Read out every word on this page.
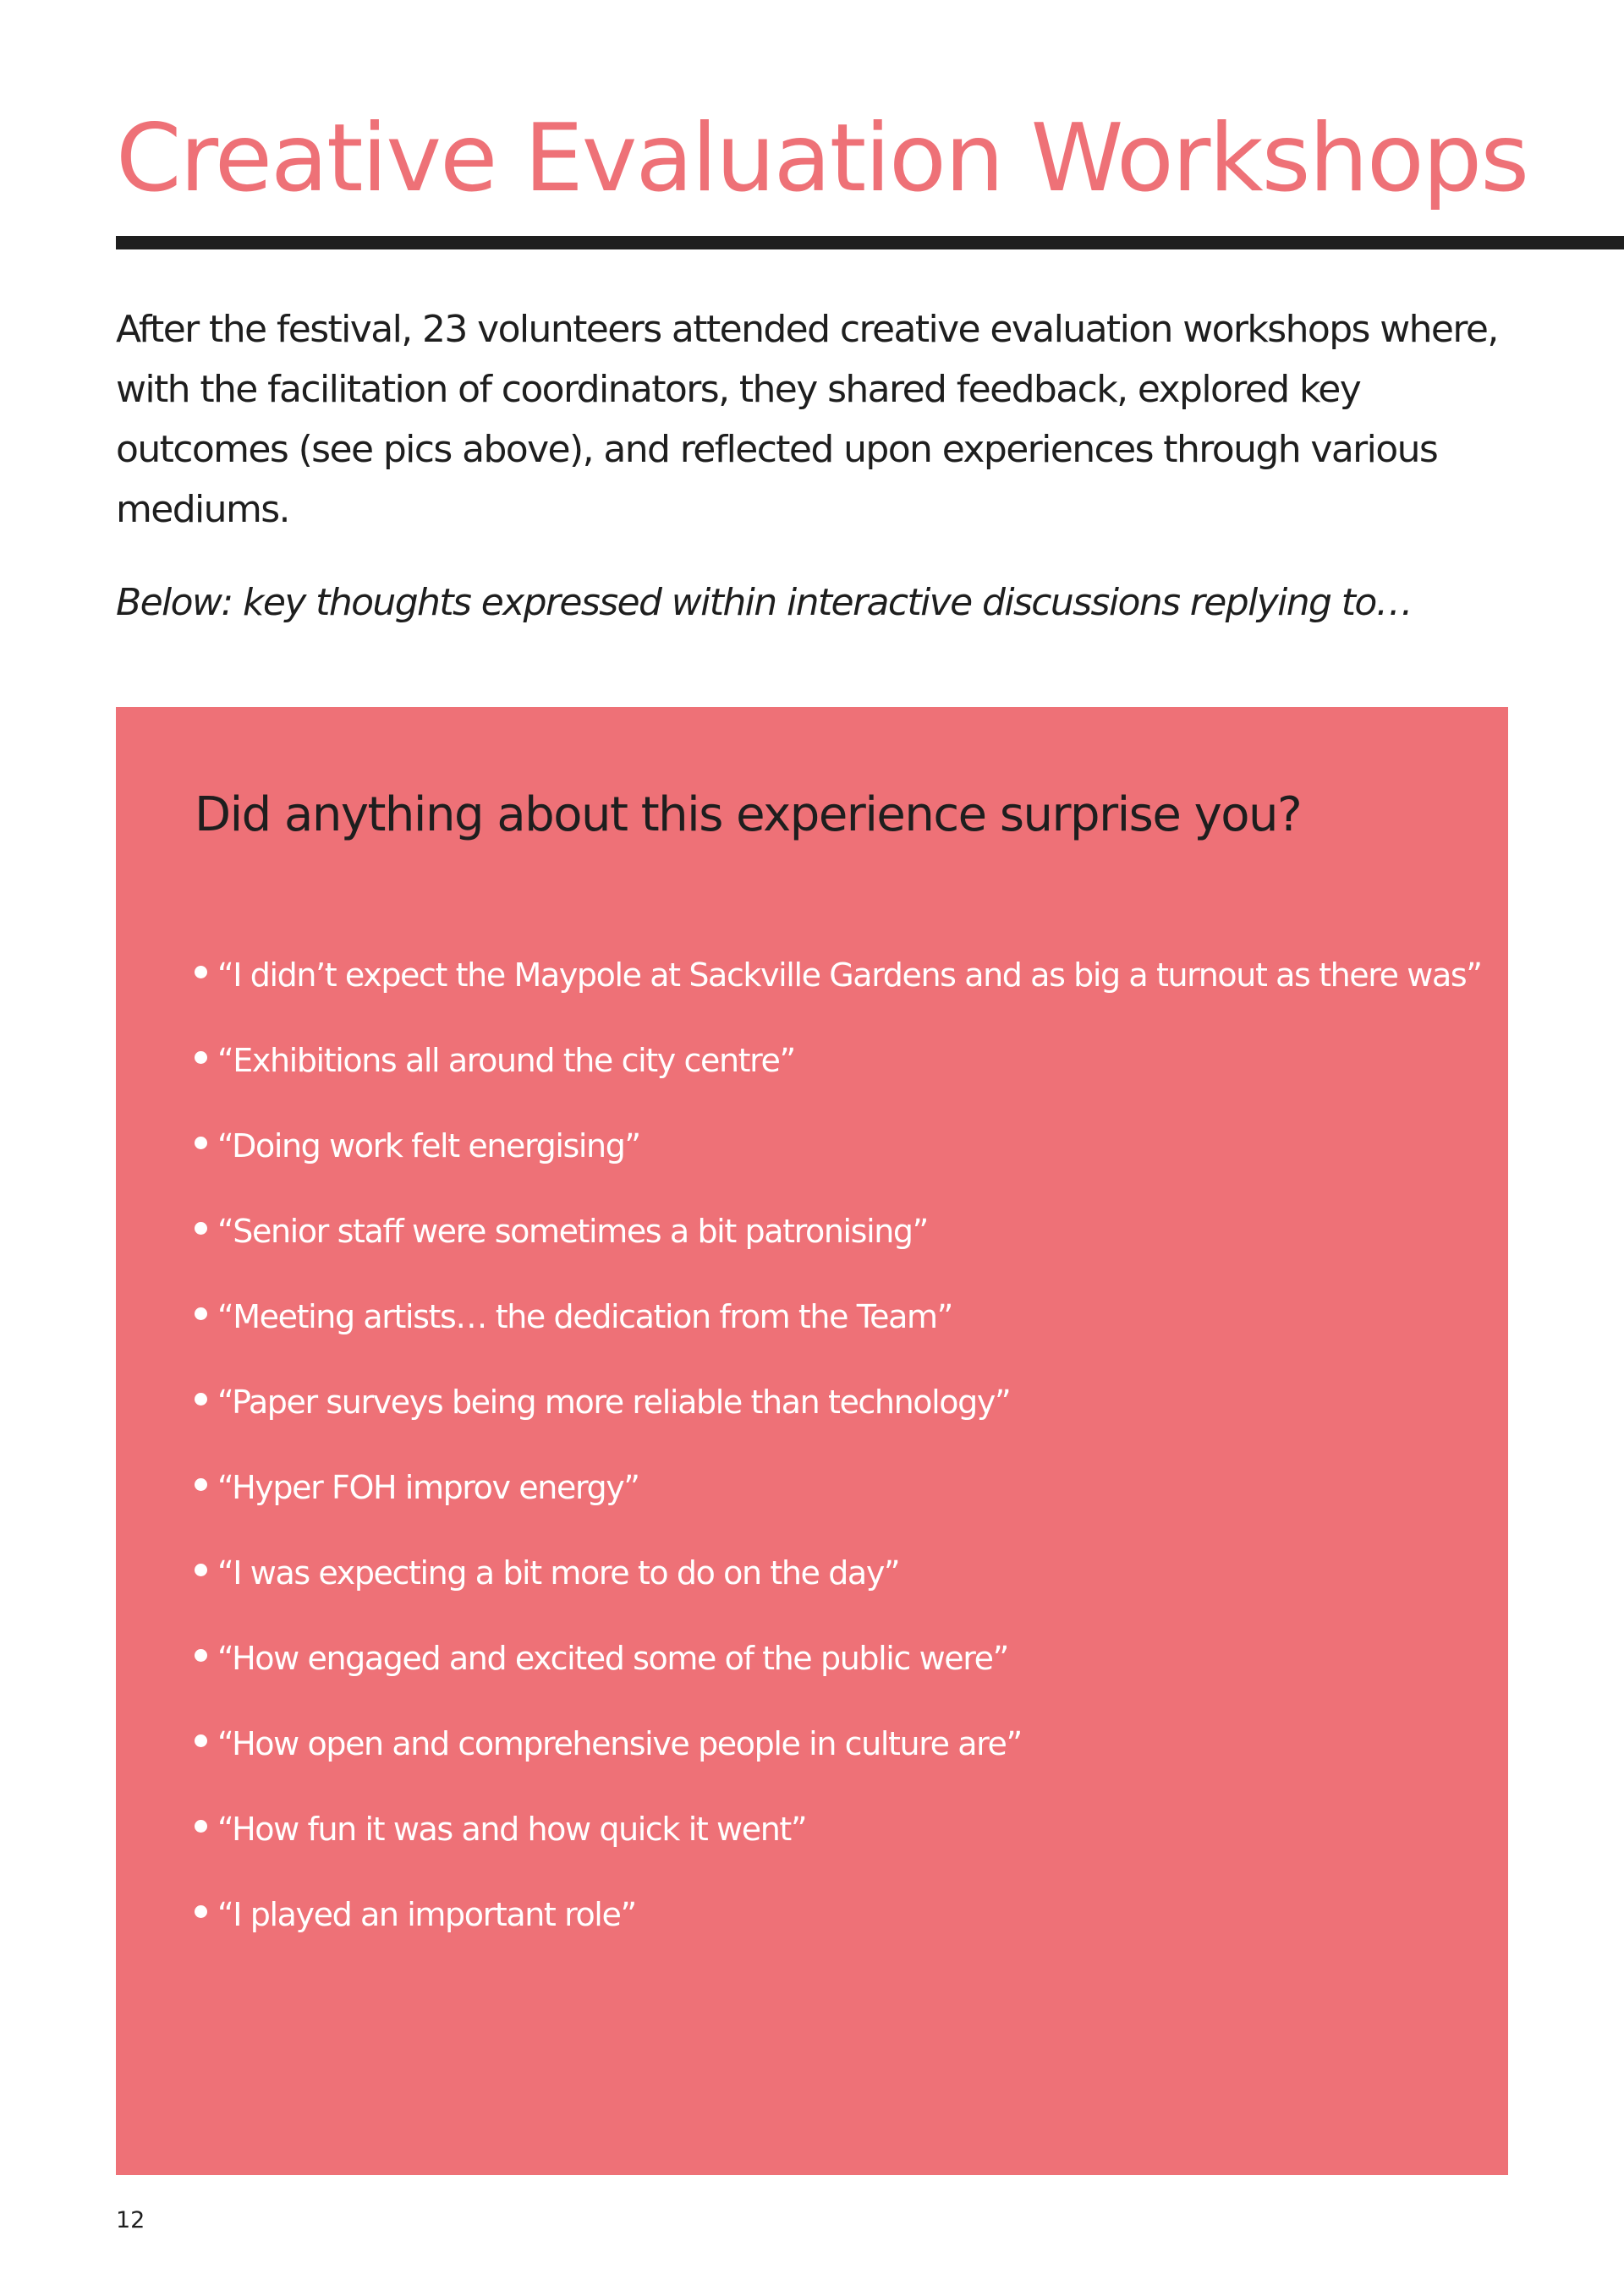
Creative Evaluation Workshops

After the festival, 23 volunteers attended creative evaluation workshops where, with the facilitation of coordinators, they shared feedback, explored key outcomes (see pics above), and reflected upon experiences through various mediums.

Below: key thoughts expressed within interactive discussions replying to…

Did anything about this experience surprise you?
“I didn’t expect the Maypole at Sackville Gardens and as big a turnout as there was”
“Exhibitions all around the city centre”
“Doing work felt energising”
“Senior staff were sometimes a bit patronising”
“Meeting artists… the dedication from the Team”
“Paper surveys being more reliable than technology”
“Hyper FOH improv energy”
“I was expecting a bit more to do on the day”
“How engaged and excited some of the public were”
“How open and comprehensive people in culture are”
“How fun it was and how quick it went”
“I played an important role”

12
